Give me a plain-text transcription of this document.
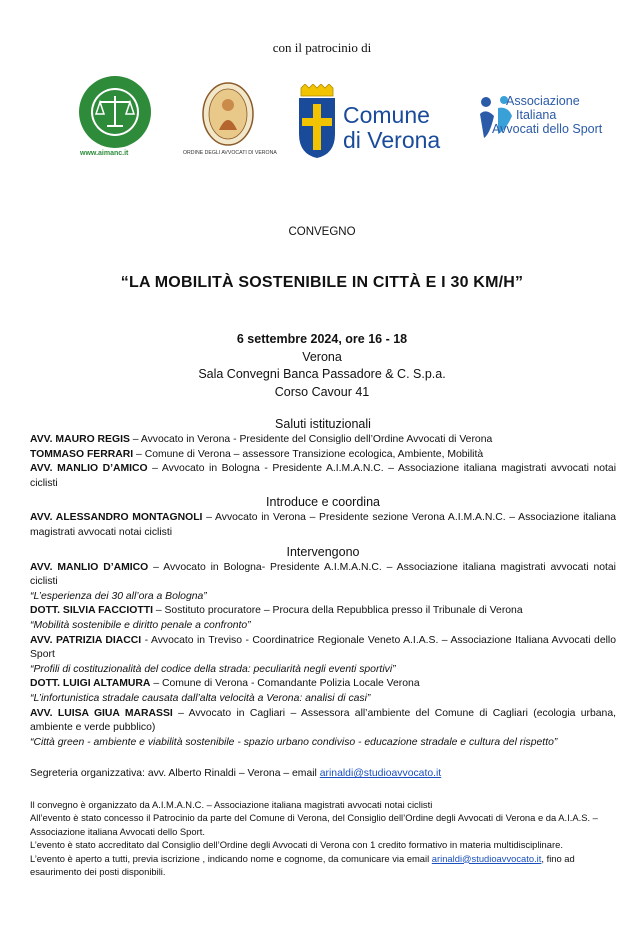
con il patrocinio di
www.aimanc.it	ORDINE DEGLI AVVOCATI DI VERONA
Comune
di Verona
Associazione
Italiana
Avvocati dello Sport
CONVEGNO
“LA MOBILITÀ SOSTENIBILE IN CITTÀ E I 30 KM/H”
6 settembre 2024, ore 16 - 18
Verona
Sala Convegni Banca Passadore & C. S.p.a.
Corso Cavour 41

Saluti istituzionali

AVV. MAURO REGIS – Avvocato in Verona - Presidente del Consiglio dell’Ordine Avvocati di Verona

TOMMASO FERRARI – Comune di Verona – assessore Transizione ecologica, Ambiente, Mobilità

AVV. MANLIO D’AMICO – Avvocato in Bologna - Presidente A.I.M.A.N.C. – Associazione italiana magistrati avvocati notai ciclisti

Introduce e coordina

AVV. ALESSANDRO MONTAGNOLI – Avvocato in Verona – Presidente sezione Verona A.I.M.A.N.C. – Associazione italiana magistrati avvocati notai ciclisti

Intervengono

AVV. MANLIO D’AMICO – Avvocato in Bologna- Presidente A.I.M.A.N.C. – Associazione italiana magistrati avvocati notai ciclisti

“L’esperienza dei 30 all’ora a Bologna”

DOTT. SILVIA FACCIOTTI – Sostituto procuratore – Procura della Repubblica presso il Tribunale di Verona

“Mobilità sostenibile e diritto penale a confronto”

AVV. PATRIZIA DIACCI - Avvocato in Treviso - Coordinatrice Regionale Veneto A.I.A.S. – Associazione Italiana Avvocati dello Sport

“Profili di costituzionalità del codice della strada: peculiarità negli eventi sportivi”

DOTT. LUIGI ALTAMURA – Comune di Verona - Comandante Polizia Locale Verona

“L’infortunistica stradale causata dall’alta velocità a Verona: analisi di casi”

AVV. LUISA GIUA MARASSI – Avvocato in Cagliari – Assessora all’ambiente del Comune di Cagliari (ecologia urbana, ambiente e verde pubblico)

“Città green - ambiente e viabilità sostenibile - spazio urbano condiviso - educazione stradale e cultura del rispetto”

Segreteria organizzativa: avv. Alberto Rinaldi – Verona – email arinaldi@studioavvocato.it

Il convegno è organizzato da A.I.M.A.N.C. – Associazione italiana magistrati avvocati notai ciclisti

All’evento è stato concesso il Patrocinio da parte del Comune di Verona, del Consiglio dell’Ordine degli Avvocati di Verona e da A.I.A.S. – Associazione italiana Avvocati dello Sport.

L’evento è stato accreditato dal Consiglio dell’Ordine degli Avvocati di Verona con 1 credito formativo in materia multidisciplinare.

L’evento è aperto a tutti, previa iscrizione , indicando nome e cognome, da comunicare via email arinaldi@studioavvocato.it, fino ad esaurimento dei posti disponibili.
